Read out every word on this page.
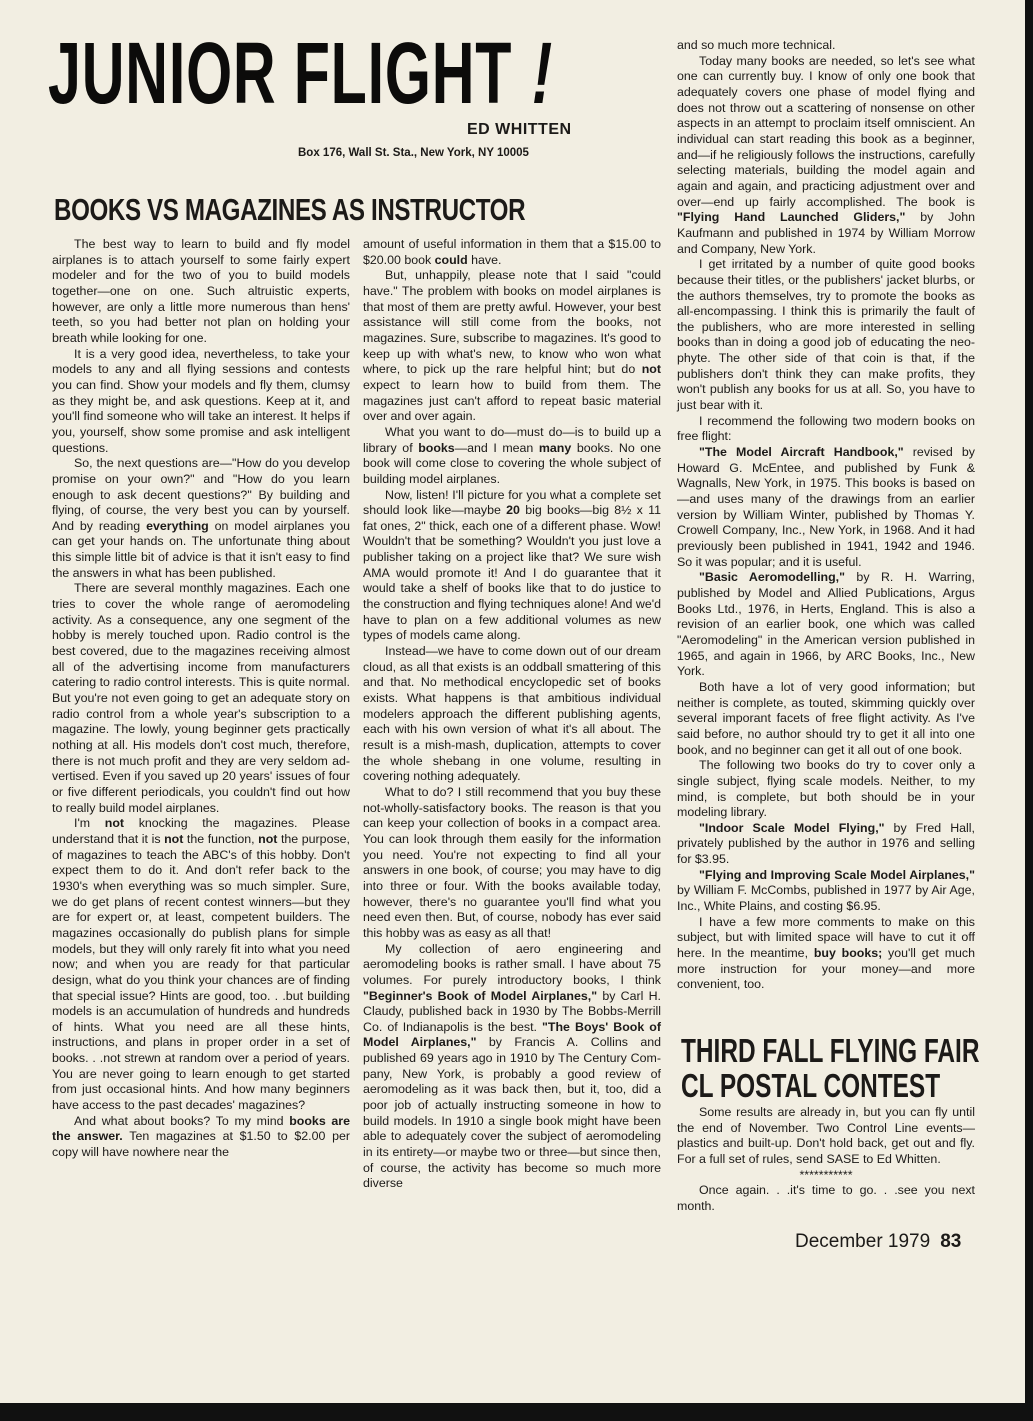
JUNIOR FLIGHT !
ED WHITTEN
Box 176, Wall St. Sta., New York, NY 10005
BOOKS VS MAGAZINES AS INSTRUCTOR

The best way to learn to build and fly model airplanes is to attach yourself to some fairly expert modeler and for the two of you to build models together—one on one. Such altruistic experts, however, are only a little more numerous than hens' teeth, so you had better not plan on holding your breath while looking for one.

It is a very good idea, nevertheless, to take your models to any and all flying sessions and contests you can find. Show your models and fly them, clumsy as they might be, and ask questions. Keep at it, and you'll find someone who will take an interest. It helps if you, yourself, show some promise and ask intelligent questions.

So, the next questions are—"How do you develop promise on your own?" and "How do you learn enough to ask decent questions?" By building and flying, of course, the very best you can by yourself. And by reading everything on model airplanes you can get your hands on. The unfortunate thing about this simple little bit of advice is that it isn't easy to find the answers in what has been published.

There are several monthly magazines. Each one tries to cover the whole range of aeromodeling activity. As a consequence, any one segment of the hobby is merely touched upon. Radio control is the best covered, due to the magazines receiving almost all of the advertising income from manufacturers catering to radio control interests. This is quite normal. But you're not even going to get an adequate story on radio control from a whole year's subscription to a magazine. The lowly, young beginner gets practically nothing at all. His models don't cost much, therefore, there is not much profit and they are very seldom advertised. Even if you saved up 20 years' issues of four or five different periodicals, you couldn't find out how to really build model airplanes.

I'm not knocking the magazines. Please understand that it is not the function, not the purpose, of magazines to teach the ABC's of this hobby. Don't expect them to do it. And don't refer back to the 1930's when everything was so much simpler. Sure, we do get plans of recent contest winners—but they are for expert or, at least, competent builders. The magazines occasionally do publish plans for simple models, but they will only rarely fit into what you need now; and when you are ready for that particular design, what do you think your chances are of finding that special issue? Hints are good, too. . .but building models is an accumulation of hundreds and hundreds of hints. What you need are all these hints, instructions, and plans in proper order in a set of books. . .not strewn at random over a period of years. You are never going to learn enough to get started from just occasional hints. And how many beginners have access to the past decades' magazines?

And what about books? To my mind books are the answer. Ten magazines at $1.50 to $2.00 per copy will have nowhere near the

amount of useful information in them that a $15.00 to $20.00 book could have.

But, unhappily, please note that I said "could have." The problem with books on model airplanes is that most of them are pretty awful. However, your best assistance will still come from the books, not magazines. Sure, subscribe to magazines. It's good to keep up with what's new, to know who won what where, to pick up the rare helpful hint; but do not expect to learn how to build from them. The magazines just can't afford to repeat basic material over and over again.

What you want to do—must do—is to build up a library of books—and I mean many books. No one book will come close to covering the whole subject of building model airplanes.

Now, listen! I'll picture for you what a complete set should look like—maybe 20 big books—big 8½ x 11 fat ones, 2" thick, each one of a different phase. Wow! Wouldn't that be something? Wouldn't you just love a publisher taking on a project like that? We sure wish AMA would promote it! And I do guarantee that it would take a shelf of books like that to do justice to the construction and flying techniques alone! And we'd have to plan on a few additional volumes as new types of models came along.

Instead—we have to come down out of our dream cloud, as all that exists is an oddball smattering of this and that. No methodical encyclopedic set of books exists. What happens is that ambitious individual modelers approach the different publishing agents, each with his own version of what it's all about. The result is a mish-mash, duplication, attempts to cover the whole shebang in one volume, resulting in covering nothing adequately.

What to do? I still recommend that you buy these not-wholly-satisfactory books. The reason is that you can keep your collection of books in a compact area. You can look through them easily for the information you need. You're not expecting to find all your answers in one book, of course; you may have to dig into three or four. With the books available today, however, there's no guarantee you'll find what you need even then. But, of course, nobody has ever said this hobby was as easy as all that!

My collection of aero engineering and aeromodeling books is rather small. I have about 75 volumes. For purely introductory books, I think "Beginner's Book of Model Airplanes," by Carl H. Claudy, published back in 1930 by The Bobbs-Merrill Co. of Indianapolis is the best. "The Boys' Book of Model Airplanes," by Francis A. Collins and published 69 years ago in 1910 by The Century Company, New York, is probably a good review of aeromodeling as it was back then, but it, too, did a poor job of actually instructing someone in how to build models. In 1910 a single book might have been able to adequately cover the subject of aeromodeling in its entirety—or maybe two or three—but since then, of course, the activity has become so much more diverse

and so much more technical.

Today many books are needed, so let's see what one can currently buy. I know of only one book that adequately covers one phase of model flying and does not throw out a scattering of nonsense on other aspects in an attempt to proclaim itself omniscient. An individual can start reading this book as a beginner, and—if he religiously follows the instructions, carefully selecting materials, building the model again and again and again, and practicing adjustment over and over—end up fairly accomplished. The book is "Flying Hand Launched Gliders," by John Kaufmann and published in 1974 by William Morrow and Company, New York.

I get irritated by a number of quite good books because their titles, or the publishers' jacket blurbs, or the authors themselves, try to promote the books as all-encompassing. I think this is primarily the fault of the publishers, who are more interested in selling books than in doing a good job of educating the neophyte. The other side of that coin is that, if the publishers don't think they can make profits, they won't publish any books for us at all. So, you have to just bear with it.

I recommend the following two modern books on free flight:

"The Model Aircraft Handbook," revised by Howard G. McEntee, and published by Funk & Wagnalls, New York, in 1975. This books is based on—and uses many of the drawings from an earlier version by William Winter, published by Thomas Y. Crowell Company, Inc., New York, in 1968. And it had previously been published in 1941, 1942 and 1946. So it was popular; and it is useful.

"Basic Aeromodelling," by R. H. Warring, published by Model and Allied Publications, Argus Books Ltd., 1976, in Herts, England. This is also a revision of an earlier book, one which was called "Aeromodeling" in the American version published in 1965, and again in 1966, by ARC Books, Inc., New York.

Both have a lot of very good information; but neither is complete, as touted, skimming quickly over several imporant facets of free flight activity. As I've said before, no author should try to get it all into one book, and no beginner can get it all out of one book.

The following two books do try to cover only a single subject, flying scale models. Neither, to my mind, is complete, but both should be in your modeling library.

"Indoor Scale Model Flying," by Fred Hall, privately published by the author in 1976 and selling for $3.95.

"Flying and Improving Scale Model Airplanes," by William F. McCombs, published in 1977 by Air Age, Inc., White Plains, and costing $6.95.

I have a few more comments to make on this subject, but with limited space will have to cut it off here. In the meantime, buy books; you'll get much more instruction for your money—and more convenient, too.

THIRD FALL FLYING FAIR
CL POSTAL CONTEST

Some results are already in, but you can fly until the end of November. Two Control Line events—plastics and built-up. Don't hold back, get out and fly. For a full set of rules, send SASE to Ed Whitten.

***********

Once again. . .it's time to go. . .see you next month.

December 1979 83
